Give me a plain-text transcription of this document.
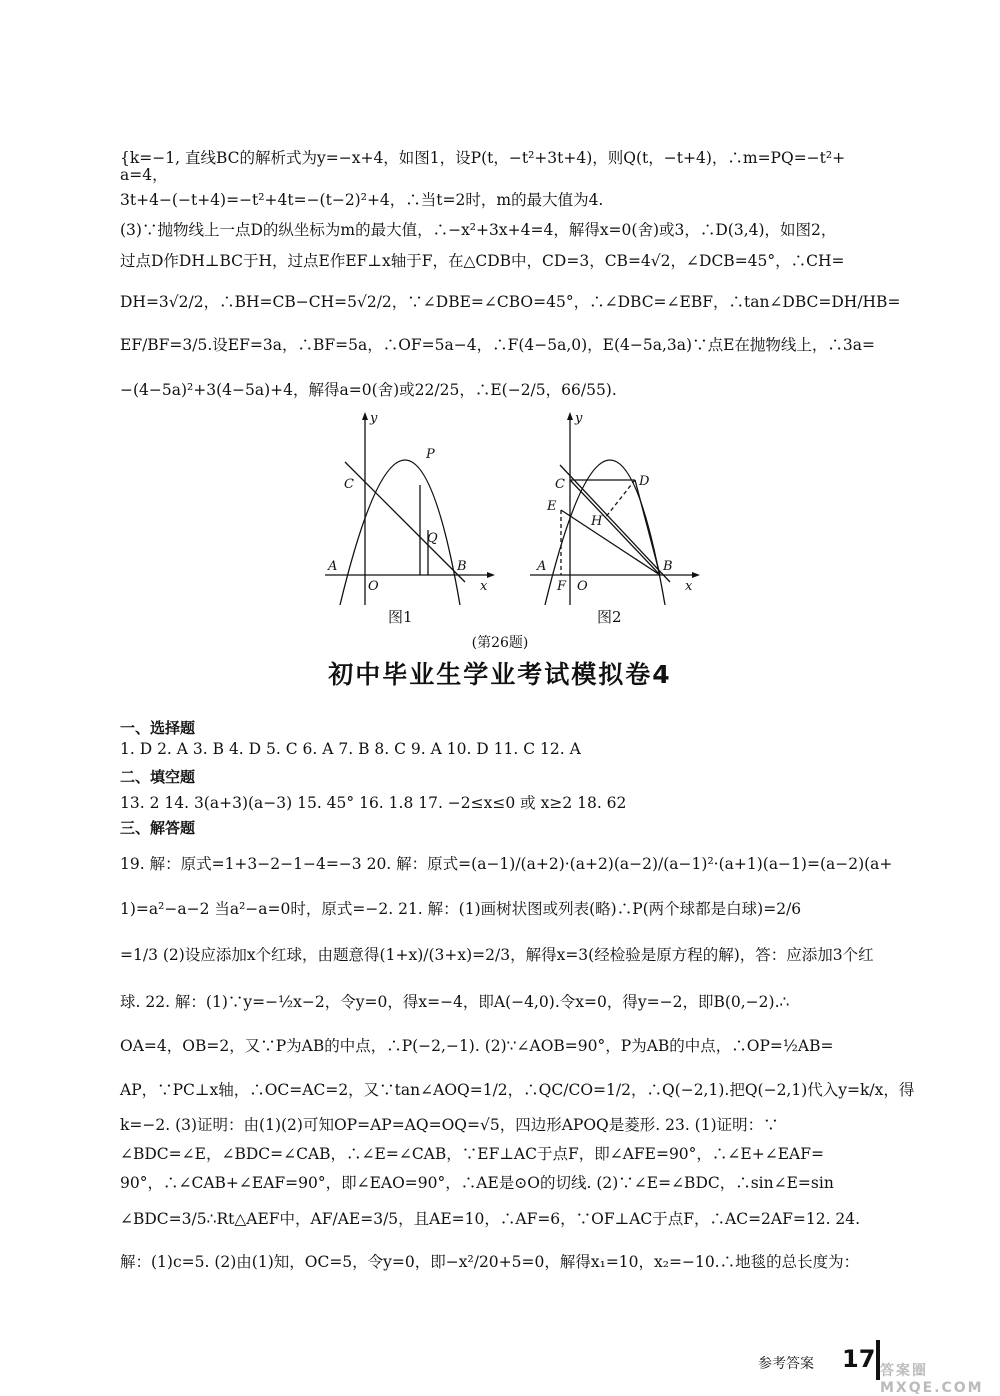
{k=−1, 直线BC的解析式为y=−x+4，如图1，设P(t，−t²+3t+4)，则Q(t，−t+4)，∴m=PQ=−t²+
a=4，
3t+4−(−t+4)=−t²+4t=−(t−2)²+4，∴当t=2时，m的最大值为4.
(3)∵抛物线上一点D的纵坐标为m的最大值，∴−x²+3x+4=4，解得x=0(舍)或3，∴D(3,4)，如图2，
过点D作DH⊥BC于H，过点E作EF⊥x轴于F，在△CDB中，CD=3，CB=4√2，∠DCB=45°，∴CH=
DH=3√2/2，∴BH=CB−CH=5√2/2，∵∠DBE=∠CBO=45°，∴∠DBC=∠EBF，∴tan∠DBC=DH/HB=
EF/BF=3/5.设EF=3a，∴BF=5a，∴OF=5a−4，∴F(4−5a,0)，E(4−5a,3a)∵点E在抛物线上，∴3a=
−(4−5a)²+3(4−5a)+4，解得a=0(舍)或22/25，∴E(−2/5，66/55).
y
x
O
A	B
C
P
Q
图1
y
x
O
A	B
C	D
E
F
H
图2
(第26题)
初中毕业生学业考试模拟卷4
一、选择题
1. D 2. A 3. B 4. D 5. C 6. A 7. B 8. C 9. A 10. D 11. C 12. A
二、填空题
13. 2 14. 3(a+3)(a−3) 15. 45° 16. 1.8 17. −2≤x≤0 或 x≥2 18. 62
三、解答题
19. 解：原式=1+3−2−1−4=−3 20. 解：原式=(a−1)/(a+2)·(a+2)(a−2)/(a−1)²·(a+1)(a−1)=(a−2)(a+
1)=a²−a−2 当a²−a=0时，原式=−2. 21. 解：(1)画树状图或列表(略)∴P(两个球都是白球)=2/6
=1/3 (2)设应添加x个红球，由题意得(1+x)/(3+x)=2/3，解得x=3(经检验是原方程的解)，答：应添加3个红
球. 22. 解：(1)∵y=−½x−2，令y=0，得x=−4，即A(−4,0).令x=0，得y=−2，即B(0,−2).∴
OA=4，OB=2，又∵P为AB的中点，∴P(−2,−1). (2)∵∠AOB=90°，P为AB的中点，∴OP=½AB=
AP，∵PC⊥x轴，∴OC=AC=2，又∵tan∠AOQ=1/2，∴QC/CO=1/2，∴Q(−2,1).把Q(−2,1)代入y=k/x，得
k=−2. (3)证明：由(1)(2)可知OP=AP=AQ=OQ=√5，四边形APOQ是菱形. 23. (1)证明：∵
∠BDC=∠E，∠BDC=∠CAB，∴∠E=∠CAB，∵EF⊥AC于点F，即∠AFE=90°，∴∠E+∠EAF=
90°，∴∠CAB+∠EAF=90°，即∠EAO=90°，∴AE是⊙O的切线. (2)∵∠E=∠BDC，∴sin∠E=sin
∠BDC=3/5∴Rt△AEF中，AF/AE=3/5，且AE=10，∴AF=6，∵OF⊥AC于点F，∴AC=2AF=12. 24.
解：(1)c=5. (2)由(1)知，OC=5，令y=0，即−x²/20+5=0，解得x₁=10，x₂=−10.∴地毯的总长度为：
参考答案 17 答案圈 MXQE.COM
